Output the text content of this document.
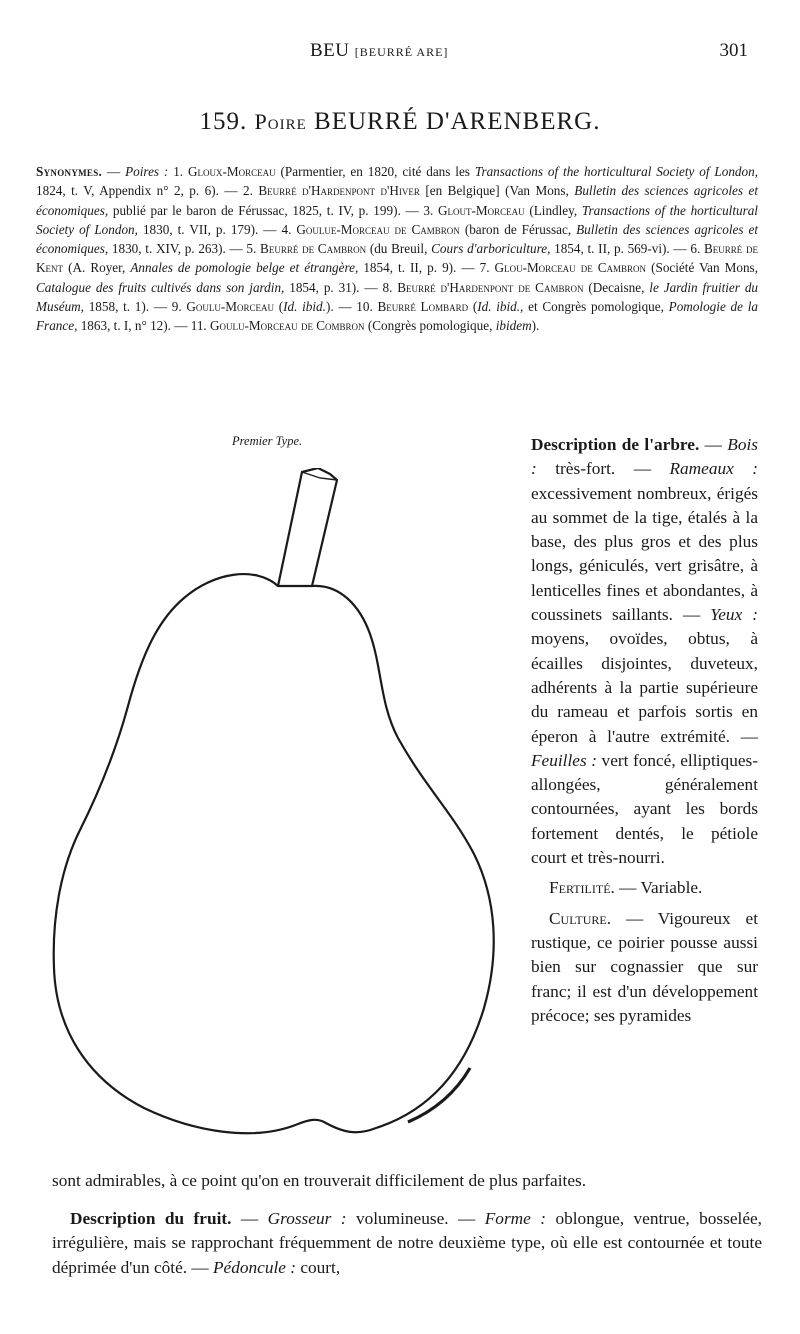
BEU [BEURRÉ ARE]	301
159. Poire BEURRÉ D'ARENBERG.

Synonymes. — Poires : 1. Gloux-Morceau (Parmentier, en 1820, cité dans les Transactions of the horticultural Society of London, 1824, t. V, Appendix n° 2, p. 6). — 2. Beurré d'Hardenpont d'Hiver [en Belgique] (Van Mons, Bulletin des sciences agricoles et économiques, publié par le baron de Férussac, 1825, t. IV, p. 199). — 3. Glout-Morceau (Lindley, Transactions of the horticultural Society of London, 1830, t. VII, p. 179). — 4. Goulue-Morceau de Cambron (baron de Férussac, Bulletin des sciences agricoles et économiques, 1830, t. XIV, p. 263). — 5. Beurré de Cambron (du Breuil, Cours d'arboriculture, 1854, t. II, p. 569-vi). — 6. Beurré de Kent (A. Royer, Annales de pomologie belge et étrangère, 1854, t. II, p. 9). — 7. Glou-Morceau de Cambron (Société Van Mons, Catalogue des fruits cultivés dans son jardin, 1854, p. 31). — 8. Beurré d'Hardenpont de Cambron (Decaisne, le Jardin fruitier du Muséum, 1858, t. 1). — 9. Goulu-Morceau (Id. ibid.). — 10. Beurré Lombard (Id. ibid., et Congrès pomologique, Pomologie de la France, 1863, t. I, n° 12). — 11. Goulu-Morceau de Combron (Congrès pomologique, ibidem).

Premier Type.	Description de l'arbre. — Bois : très-fort. — Rameaux : excessivement nombreux, érigés au sommet de la tige, étalés à la base, des plus gros et des plus longs, géniculés, vert grisâtre, à lenticelles fines et abondantes, à coussinets saillants. — Yeux : moyens, ovoïdes, obtus, à écailles disjointes, duveteux, adhérents à la partie supérieure du rameau et parfois sortis en éperon à l'autre extrémité. — Feuilles : vert foncé, elliptiques-allongées, généralement contournées, ayant les bords fortement dentés, le pétiole court et très-nourri.

Fertilité. — Variable.

Culture. — Vigoureux et rustique, ce poirier pousse aussi bien sur cognassier que sur franc; il est d'un développement précoce; ses pyramides

sont admirables, à ce point qu'on en trouverait difficilement de plus parfaites.

Description du fruit. — Grosseur : volumineuse. — Forme : oblongue, ventrue, bosselée, irrégulière, mais se rapprochant fréquemment de notre deuxième type, où elle est contournée et toute déprimée d'un côté. — Pédoncule : court,
